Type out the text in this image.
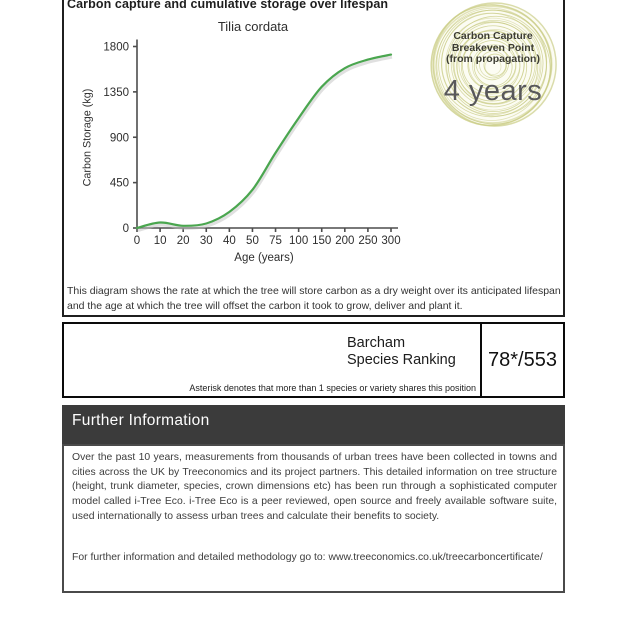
Carbon capture and cumulative storage over lifespan
Tilia cordata
0
450
900
1350
1800
0 10 20 30 40 50 75 100 150 200 250 300
Age (years)
Carbon Storage (kg)
Carbon Capture
Breakeven Point
(from propagation)
4 years
This diagram shows the rate at which the tree will store carbon as a dry weight over its anticipated lifespan and the age at which the tree will offset the carbon it took to grow, deliver and plant it.
Barcham
Species Ranking
Asterisk denotes that more than 1 species or variety shares this position
78*/553
Further Information
Over the past 10 years, measurements from thousands of urban trees have been collected in towns and cities across the UK by Treeconomics and its project partners. This detailed information on tree structure (height, trunk diameter, species, crown dimensions etc) has been run through a sophisticated computer model called i-Tree Eco. i-Tree Eco is a peer reviewed, open source and freely available software suite, used internationally to assess urban trees and calculate their benefits to society.
For further information and detailed methodology go to: www.treeconomics.co.uk/treecarboncertificate/
